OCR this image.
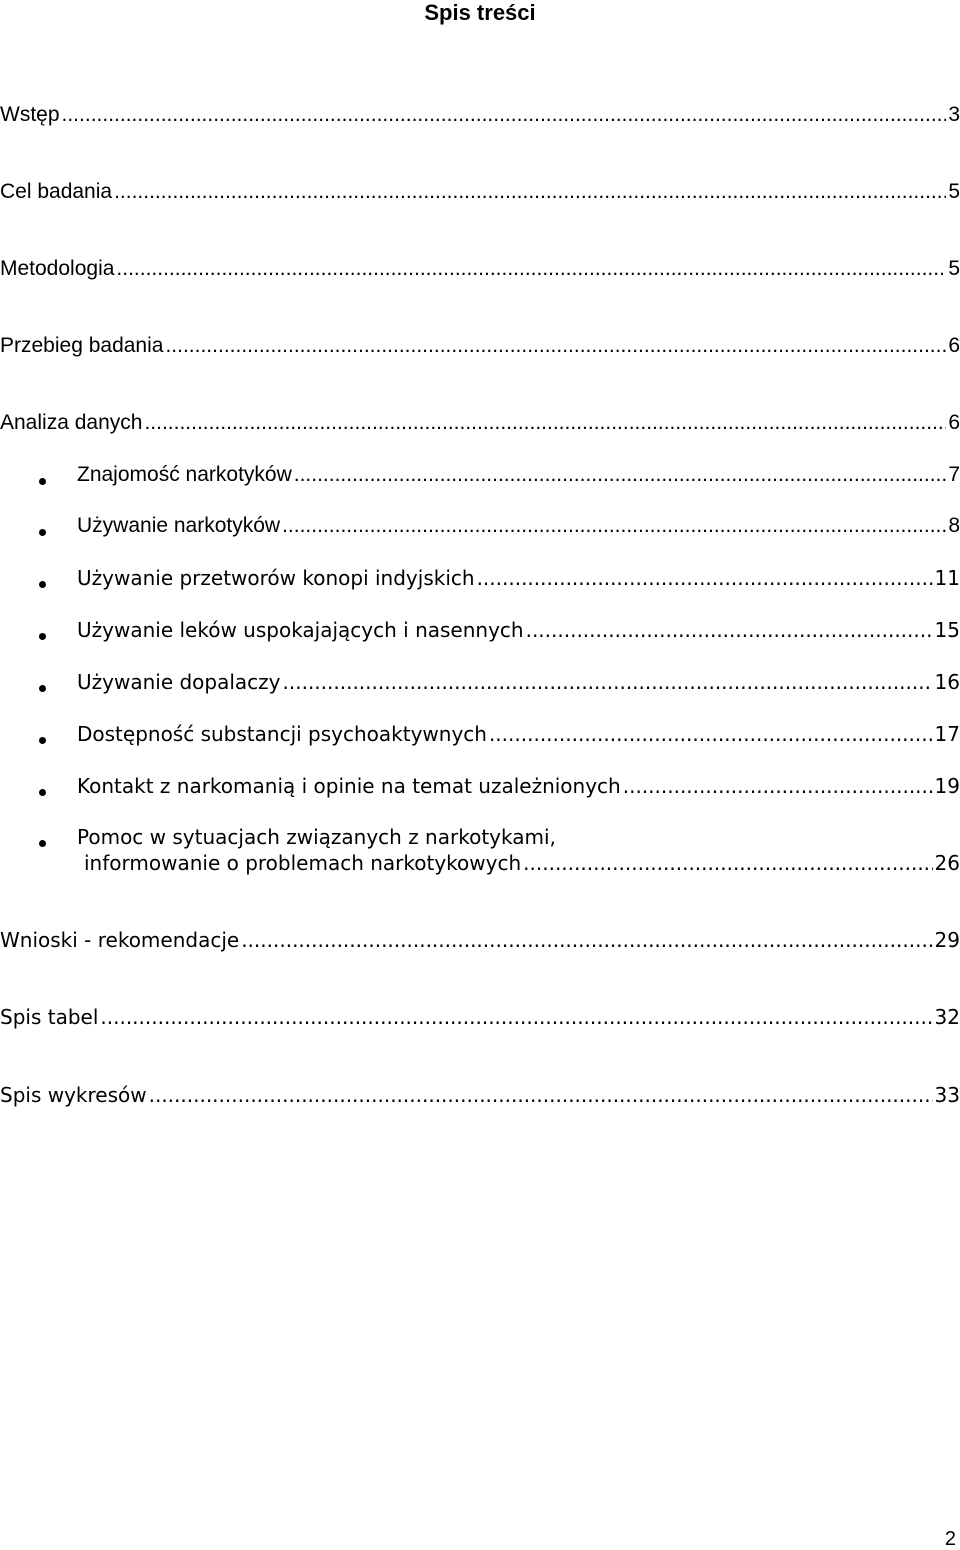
Spis treści
Wstęp .....	3
Cel badania .....	5
Metodologia .....	5
Przebieg badania .....	6
Analiza danych .....	6
Znajomość narkotyków .....	7
Używanie narkotyków .....	8
Używanie przetworów konopi indyjskich .....	11
Używanie leków uspokajających i nasennych .....	15
Używanie dopalaczy .....	16
Dostępność substancji psychoaktywnych .....	17
Kontakt z narkomanią i opinie na temat uzależnionych .....	19
Pomoc w sytuacjach związanych z narkotykami,
informowanie o problemach narkotykowych .....	26
Wnioski - rekomendacje .....	29
Spis tabel .....	32
Spis wykresów .....	33
2
